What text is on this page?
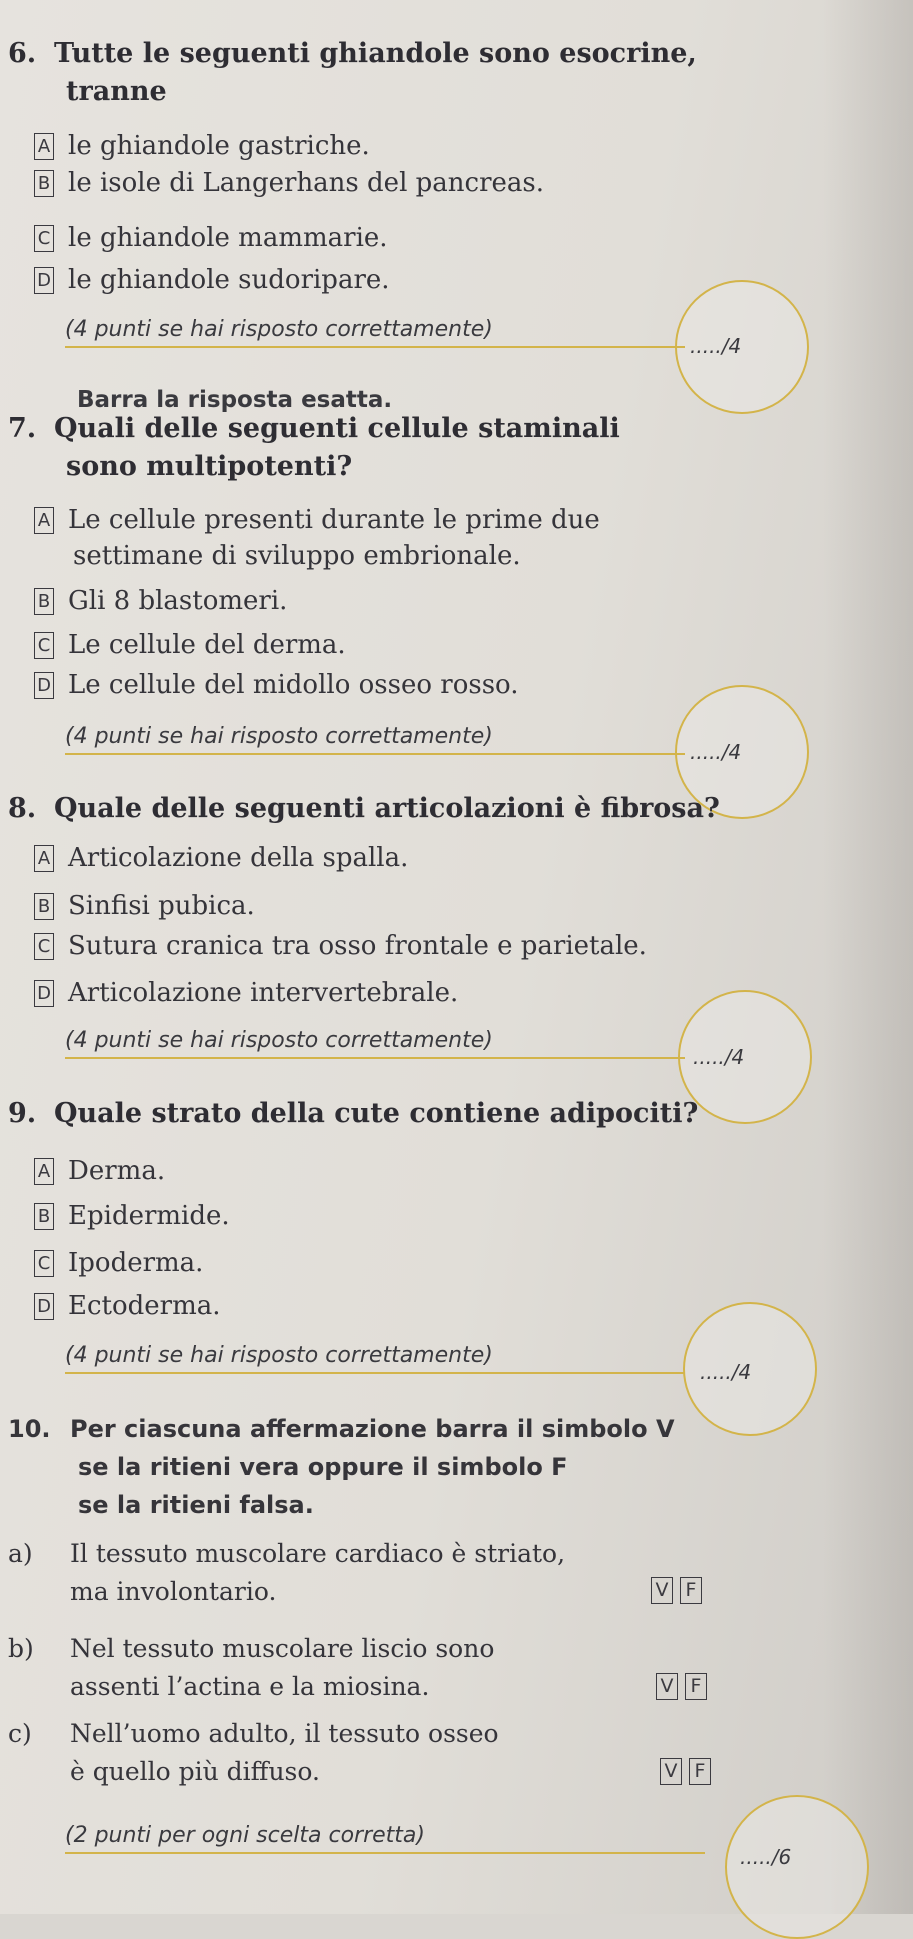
6. Tutte le seguenti ghiandole sono esocrine,
tranne
A le ghiandole gastriche.
B le isole di Langerhans del pancreas.
C le ghiandole mammarie.
D le ghiandole sudoripare.
(4 punti se hai risposto correttamente)
...../4
Barra la risposta esatta.
7. Quali delle seguenti cellule staminali
sono multipotenti?
A Le cellule presenti durante le prime due
settimane di sviluppo embrionale.
B Gli 8 blastomeri.
C Le cellule del derma.
D Le cellule del midollo osseo rosso.
(4 punti se hai risposto correttamente)
...../4
8. Quale delle seguenti articolazioni è fibrosa?
A Articolazione della spalla.
B Sinfisi pubica.
C Sutura cranica tra osso frontale e parietale.
D Articolazione intervertebrale.
(4 punti se hai risposto correttamente)
...../4
9. Quale strato della cute contiene adipociti?
A Derma.
B Epidermide.
C Ipoderma.
D Ectoderma.
(4 punti se hai risposto correttamente)
...../4
10. Per ciascuna affermazione barra il simbolo V
se la ritieni vera oppure il simbolo F
se la ritieni falsa.
a) Il tessuto muscolare cardiaco è striato,
ma involontario.	V F
b) Nel tessuto muscolare liscio sono
assenti l’actina e la miosina.	V F
c) Nell’uomo adulto, il tessuto osseo
è quello più diffuso.	V F
(2 punti per ogni scelta corretta)
...../6
